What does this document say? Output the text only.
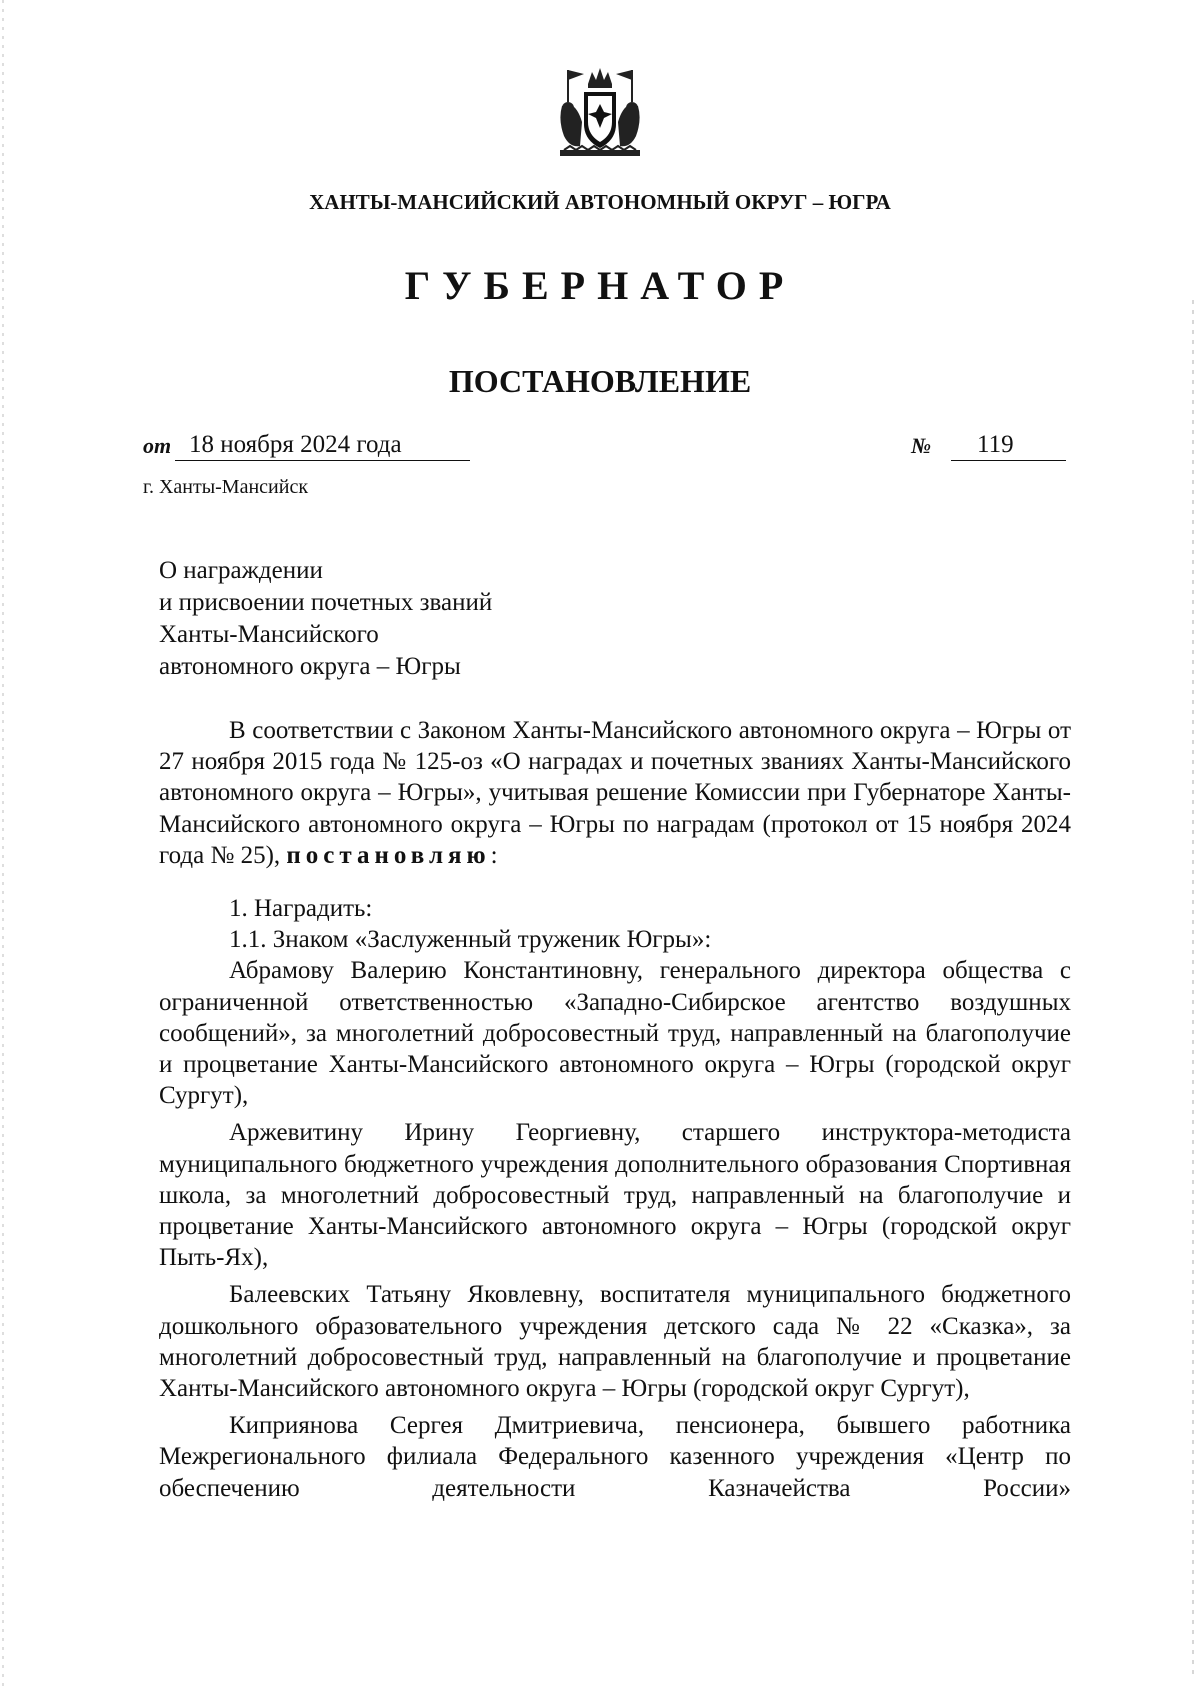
ХАНТЫ-МАНСИЙСКИЙ АВТОНОМНЫЙ ОКРУГ – ЮГРА
ГУБЕРНАТОР
ПОСТАНОВЛЕНИЕ
от 18 ноября 2024 года	№	119
г. Ханты-Мансийск
О награждении
и присвоении почетных званий
Ханты-Мансийского
автономного округа – Югры

В соответствии с Законом Ханты-Мансийского автономного округа – Югры от 27 ноября 2015 года № 125-оз «О наградах и почетных званиях Ханты-Мансийского автономного округа – Югры», учитывая решение Комиссии при Губернаторе Ханты-Мансийского автономного округа – Югры по наградам (протокол от 15 ноября 2024 года № 25), постановляю:

1. Наградить:

1.1. Знаком «Заслуженный труженик Югры»:

Абрамову Валерию Константиновну, генерального директора общества с ограниченной ответственностью «Западно-Сибирское агентство воздушных сообщений», за многолетний добросовестный труд, направленный на благополучие и процветание Ханты-Мансийского автономного округа – Югры (городской округ Сургут),

Аржевитину Ирину Георгиевну, старшего инструктора-методиста муниципального бюджетного учреждения дополнительного образования Спортивная школа, за многолетний добросовестный труд, направленный на благополучие и процветание Ханты-Мансийского автономного округа – Югры (городской округ Пыть-Ях),

Балеевских Татьяну Яковлевну, воспитателя муниципального бюджетного дошкольного образовательного учреждения детского сада № 22 «Сказка», за многолетний добросовестный труд, направленный на благополучие и процветание Ханты-Мансийского автономного округа – Югры (городской округ Сургут),

Киприянова Сергея Дмитриевича, пенсионера, бывшего работника Межрегионального филиала Федерального казенного учреждения «Центр по обеспечению деятельности Казначейства России»
